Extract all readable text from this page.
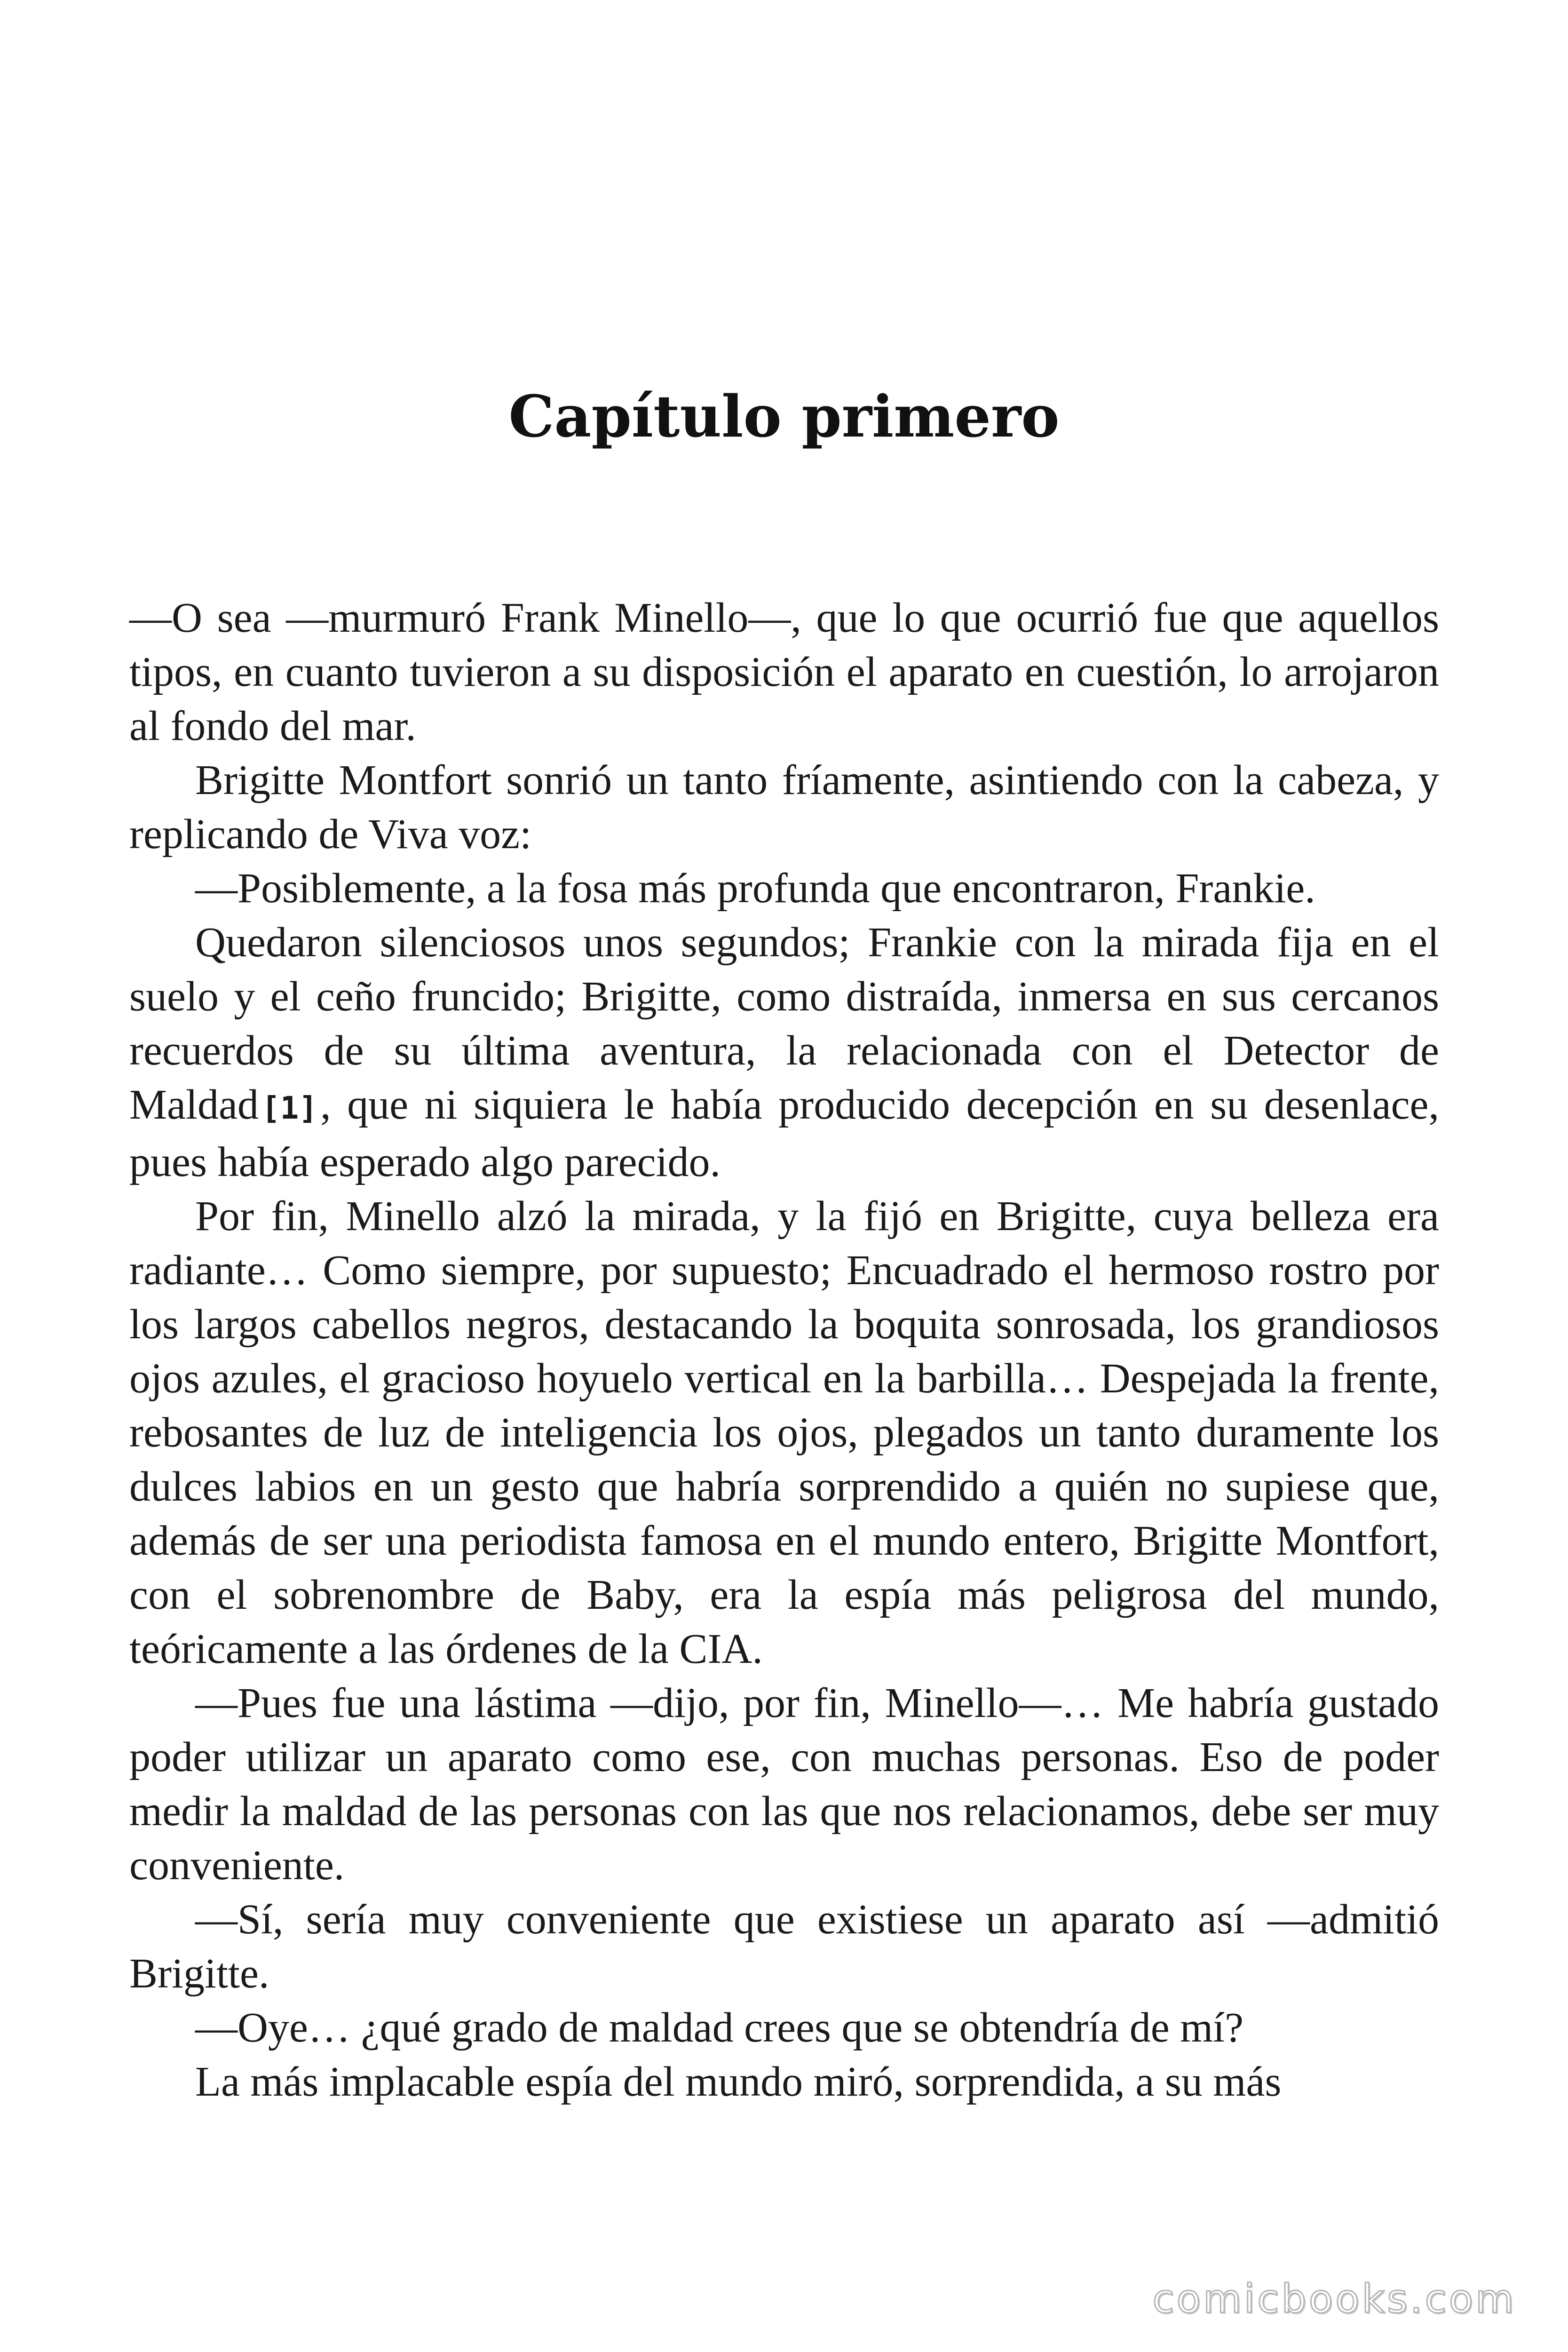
Capítulo primero

—O sea —murmuró Frank Minello—, que lo que ocurrió fue que aquellos tipos, en cuanto tuvieron a su disposición el aparato en cuestión, lo arrojaron al fondo del mar.

Brigitte Montfort sonrió un tanto fríamente, asintiendo con la cabeza, y replicando de Viva voz:

—Posiblemente, a la fosa más profunda que encontraron, Frankie.

Quedaron silenciosos unos segundos; Frankie con la mirada fija en el suelo y el ceño fruncido; Brigitte, como distraída, inmersa en sus cercanos recuerdos de su última aventura, la relacionada con el Detector de Maldad[1], que ni siquiera le había producido decepción en su desenlace, pues había esperado algo parecido.

Por fin, Minello alzó la mirada, y la fijó en Brigitte, cuya belleza era radiante… Como siempre, por supuesto; Encuadrado el hermoso rostro por los largos cabellos negros, destacando la boquita sonrosada, los grandiosos ojos azules, el gracioso hoyuelo vertical en la barbilla… Despejada la frente, rebosantes de luz de inteligencia los ojos, plegados un tanto duramente los dulces labios en un gesto que habría sorprendido a quién no supiese que, además de ser una periodista famosa en el mundo entero, Brigitte Montfort, con el sobrenombre de Baby, era la espía más peligrosa del mundo, teóricamente a las órdenes de la CIA.

—Pues fue una lástima —dijo, por fin, Minello—… Me habría gustado poder utilizar un aparato como ese, con muchas personas. Eso de poder medir la maldad de las personas con las que nos relacionamos, debe ser muy conveniente.

—Sí, sería muy conveniente que existiese un aparato así —admitió Brigitte.

—Oye… ¿qué grado de maldad crees que se obtendría de mí?

La más implacable espía del mundo miró, sorprendida, a su más

comicbooks.com
